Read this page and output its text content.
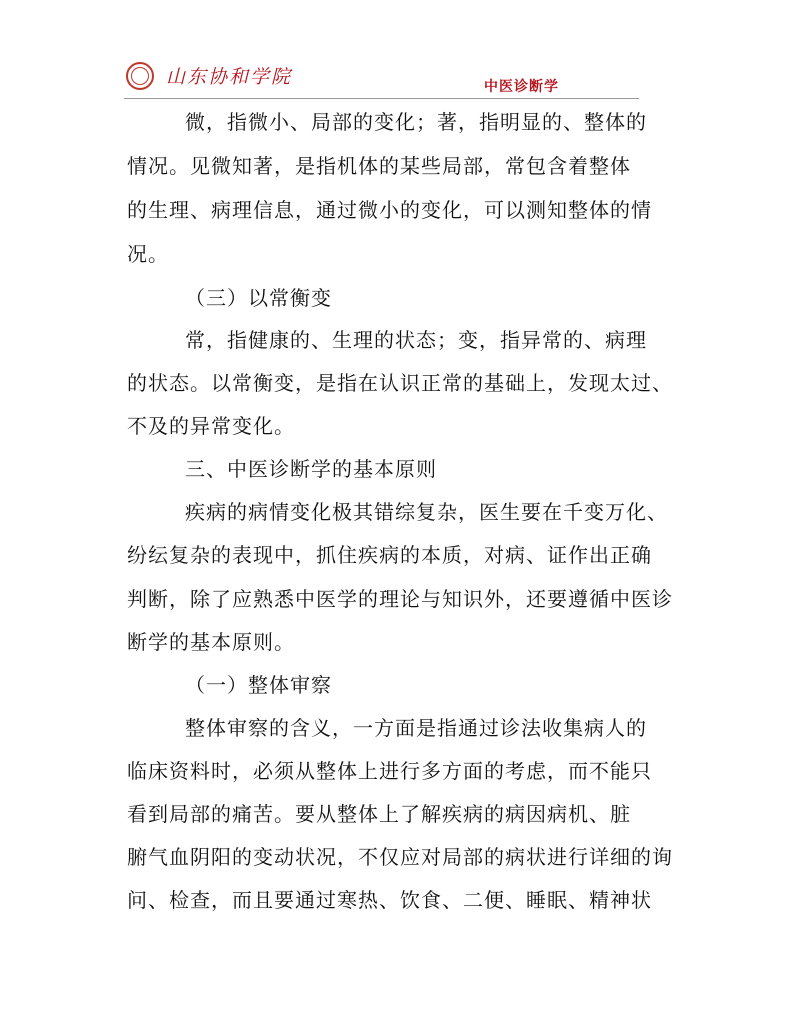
山东协和学院	中医诊断学
微，指微小、局部的变化；著，指明显的、整体的
情况。见微知著，是指机体的某些局部，常包含着整体
的生理、病理信息，通过微小的变化，可以测知整体的情
况。
（三）以常衡变
常，指健康的、生理的状态；变，指异常的、病理
的状态。以常衡变，是指在认识正常的基础上，发现太过、
不及的异常变化。
三、中医诊断学的基本原则
疾病的病情变化极其错综复杂，医生要在千变万化、
纷纭复杂的表现中，抓住疾病的本质，对病、证作出正确
判断，除了应熟悉中医学的理论与知识外，还要遵循中医诊
断学的基本原则。
（一）整体审察
整体审察的含义，一方面是指通过诊法收集病人的
临床资料时，必须从整体上进行多方面的考虑，而不能只
看到局部的痛苦。要从整体上了解疾病的病因病机、脏
腑气血阴阳的变动状况，不仅应对局部的病状进行详细的询
问、检查，而且要通过寒热、饮食、二便、睡眠、精神状
